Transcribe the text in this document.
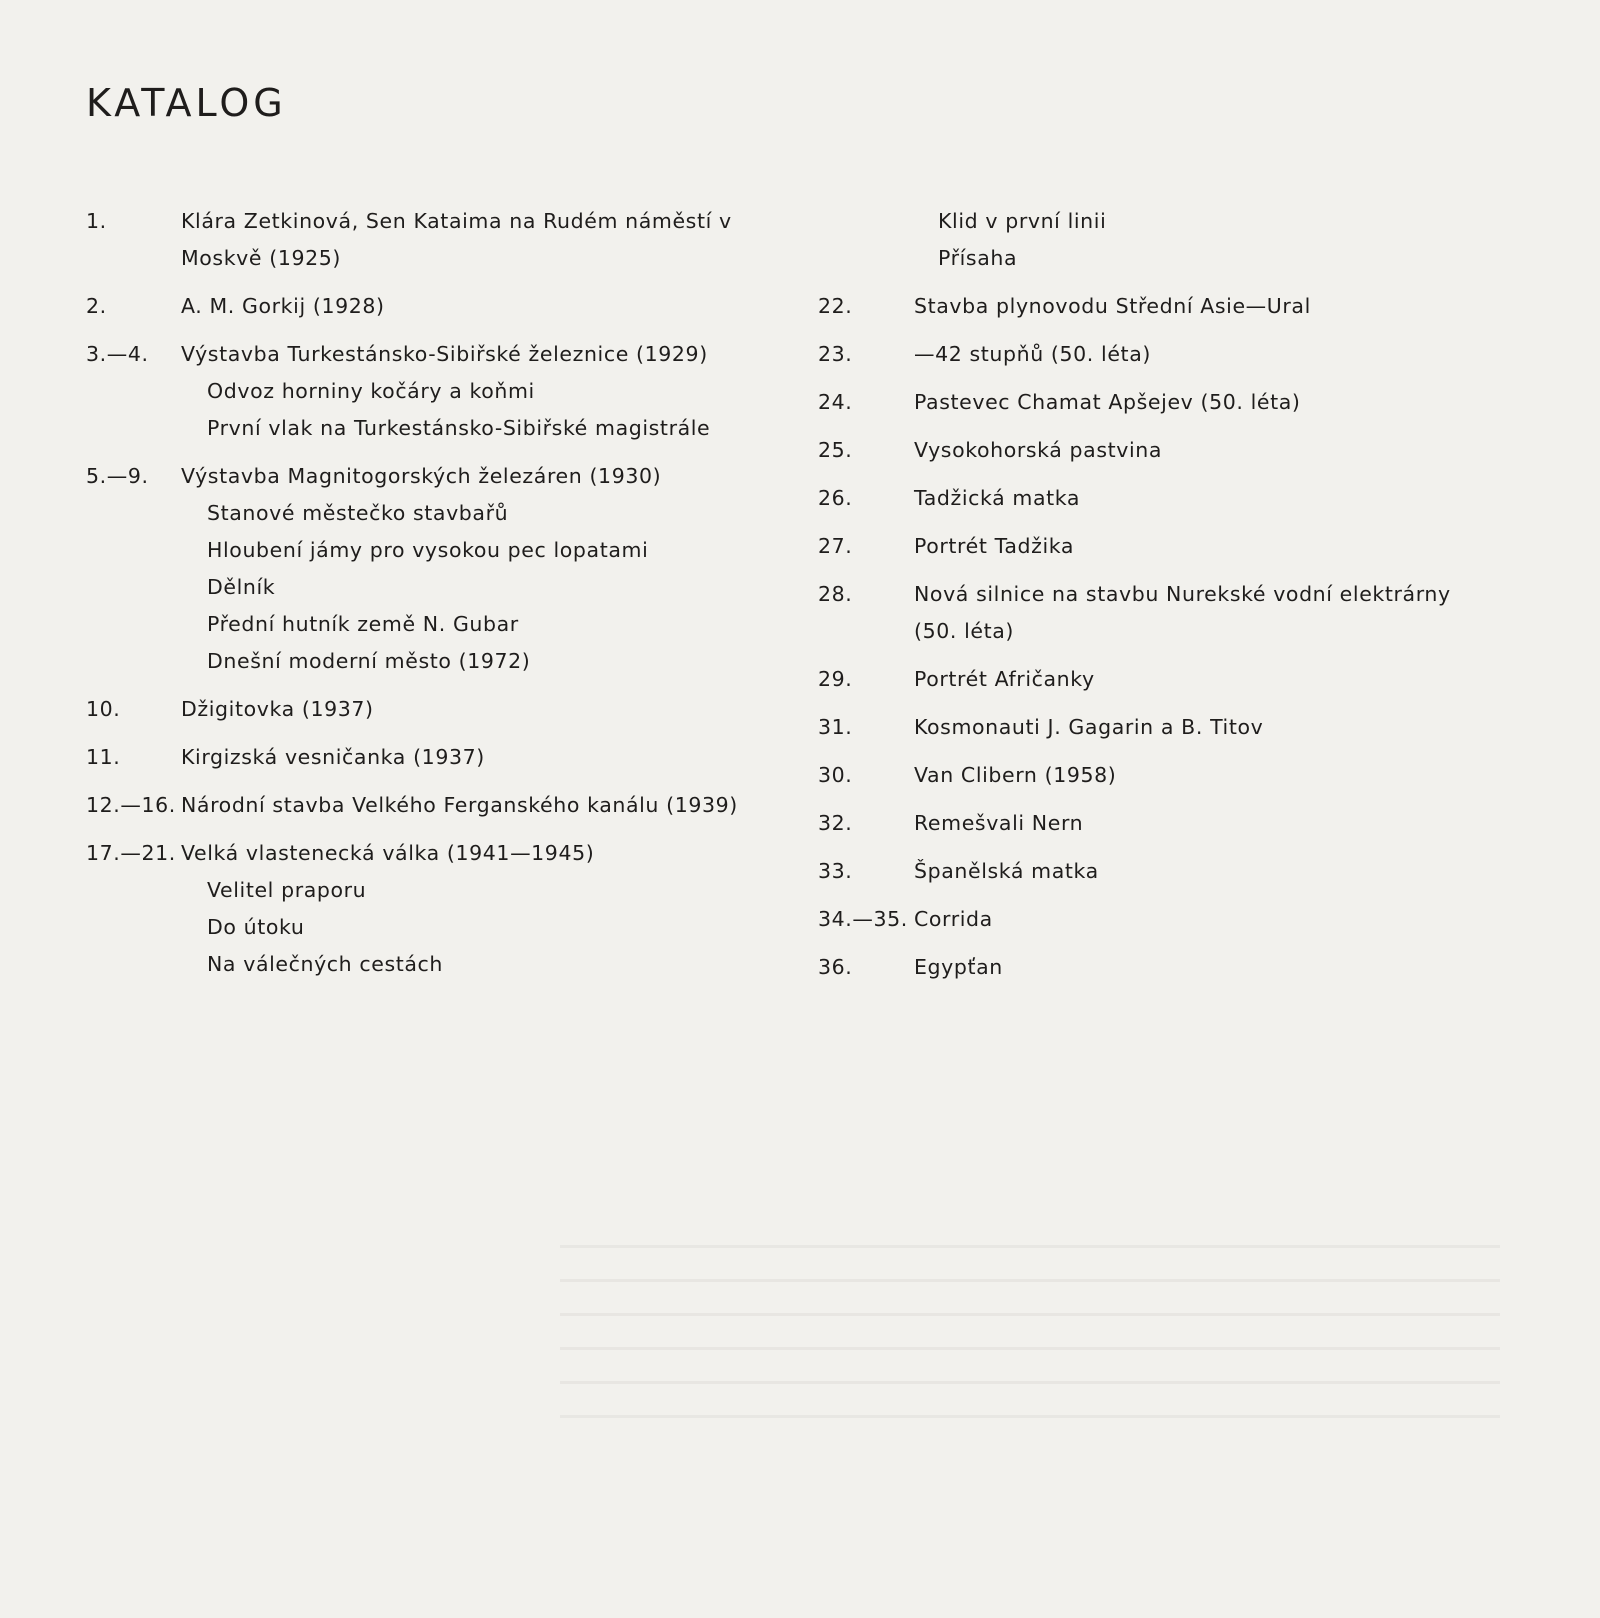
KATALOG
1.	Klára Zetkinová, Sen Kataima na Rudém náměstí v Moskvě (1925)
2.	A. M. Gorkij (1928)
3.—4.	Výstavba Turkestánsko-Sibiřské železnice (1929)
Odvoz horniny kočáry a koňmi
První vlak na Turkestánsko-Sibiřské magistrále
5.—9.	Výstavba Magnitogorských železáren (1930)
Stanové městečko stavbařů
Hloubení jámy pro vysokou pec lopatami
Dělník
Přední hutník země N. Gubar
Dnešní moderní město (1972)
10.	Džigitovka (1937)
11.	Kirgizská vesničanka (1937)
12.—16. Národní stavba Velkého Ferganského kanálu (1939)
17.—21. Velká vlastenecká válka (1941—1945)
Velitel praporu
Do útoku
Na válečných cestách
Klid v první linii
Přísaha
22.	Stavba plynovodu Střední Asie—Ural
23.	—42 stupňů (50. léta)
24.	Pastevec Chamat Apšejev (50. léta)
25.	Vysokohorská pastvina
26.	Tadžická matka
27.	Portrét Tadžika
28.	Nová silnice na stavbu Nurekské vodní elektrárny (50. léta)
29.	Portrét Afričanky
31.	Kosmonauti J. Gagarin a B. Titov
30.	Van Clibern (1958)
32.	Remešvali Nern
33.	Španělská matka
34.—35. Corrida
36.	Egypťan
